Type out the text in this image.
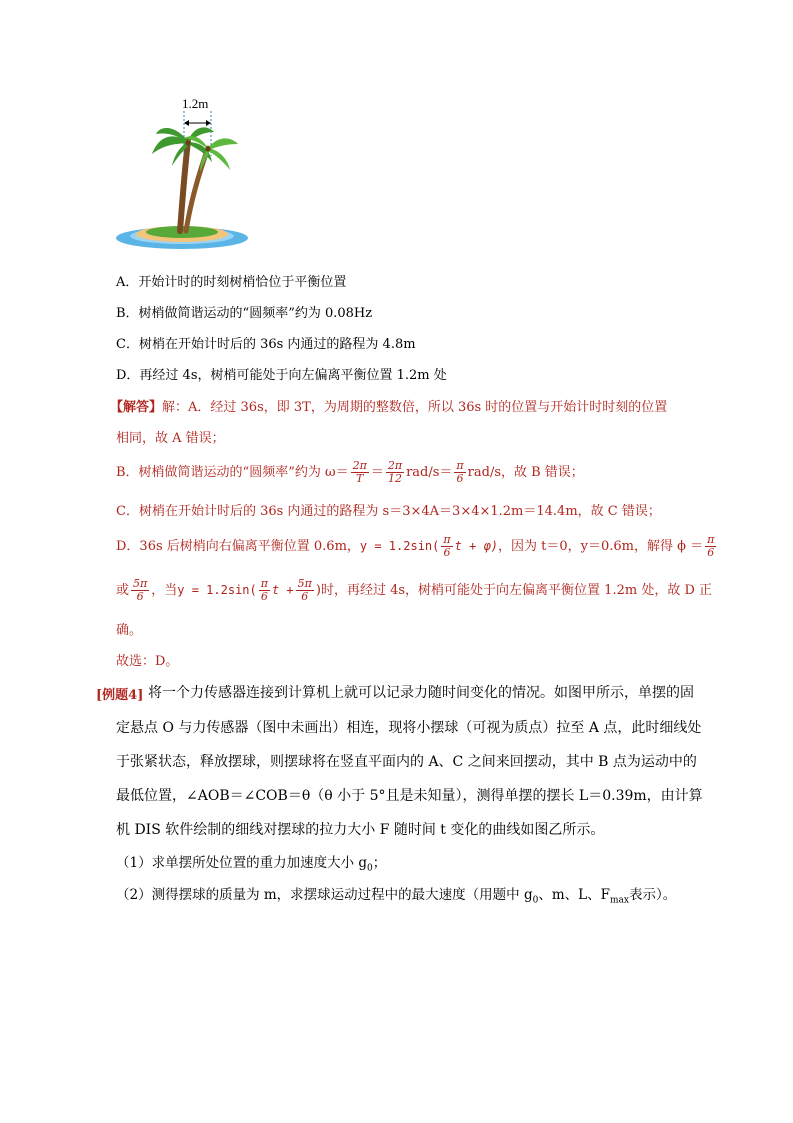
1.2m
A．开始计时的时刻树梢恰位于平衡位置
B．树梢做简谐运动的“圆频率”约为 0.08Hz
C．树梢在开始计时后的 36s 内通过的路程为 4.8m
D．再经过 4s，树梢可能处于向左偏离平衡位置 1.2m 处
【解答】解：A．经过 36s，即 3T，为周期的整数倍，所以 36s 时的位置与开始计时时刻的位置
相同，故 A 错误；
B．树梢做简谐运动的“圆频率”约为 $\omega= \frac{2\pi}{T} = \frac{2\pi}{12} rad/s= \frac{\pi}{6} rad/s$，故 B 错误；
C．树梢在开始计时后的 36s 内通过的路程为 s＝3×4A＝3×4×1.2m＝14.4m，故 C 错误；
D．36s 后树梢向右偏离平衡位置 0.6m，$y = 1.2\sin( \frac{\pi}{6}$ t + φ)，因为 t＝0，y＝0.6m，解得 $\phi = \frac{\pi}{6}$
或 $\frac{5\pi}{6}$ ，当$y = 1.2\sin( \frac{\pi}{6}$ $t + \frac{5\pi}{6}$ )时，再经过 4s，树梢可能处于向左偏离平衡位置 1.2m 处，故 D 正
确。
故选：D。
[例题4] 将一个力传感器连接到计算机上就可以记录力随时间变化的情况。如图甲所示，单摆的固
定悬点 O 与力传感器（图中未画出）相连，现将小摆球（可视为质点）拉至 A 点，此时细线处
于张紧状态，释放摆球，则摆球将在竖直平面内的 A、C 之间来回摆动，其中 B 点为运动中的
最低位置，∠AOB＝∠COB＝θ（θ 小于 5°且是未知量），测得单摆的摆长 L＝0.39m，由计算
机 DIS 软件绘制的细线对摆球的拉力大小 F 随时间 t 变化的曲线如图乙所示。
（1）求单摆所处位置的重力加速度大小 $g_0$；
（2）测得摆球的质量为 m，求摆球运动过程中的最大速度（用题中 $g_0$、m、L、$F_{max}$表示）。
